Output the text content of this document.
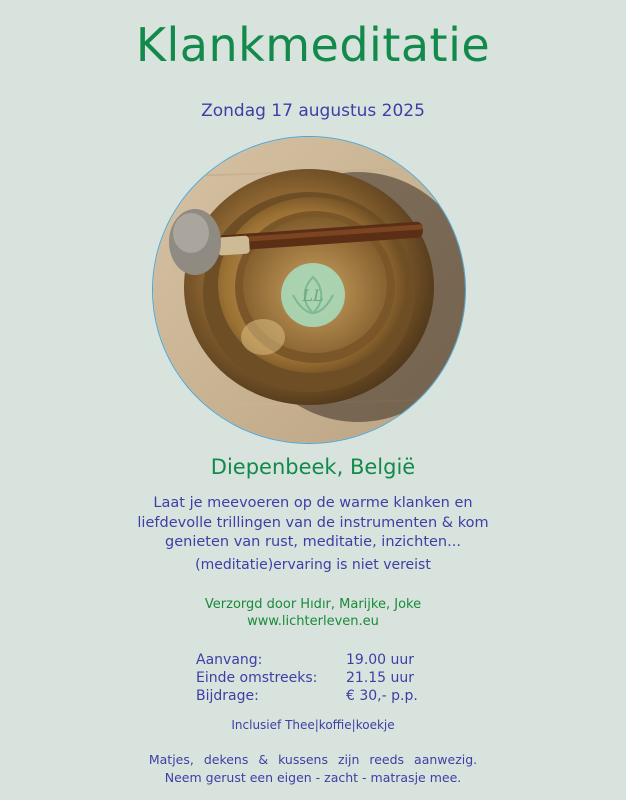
Klankmeditatie
Zondag 17 augustus 2025
LL
Diepenbeek, België
Laat je meevoeren op de warme klanken en
liefdevolle trillingen van de instrumenten & kom
genieten van rust, meditatie, inzichten...
(meditatie)ervaring is niet vereist
Verzorgd door Hıdır, Marijke, Joke
www.lichterleven.eu
Aanvang:	19.00 uur
Einde omstreeks: 21.15 uur
Bijdrage:	€ 30,- p.p.
Inclusief Thee|koffie|koekje
Matjes, dekens & kussens zijn reeds aanwezig.
Neem gerust een eigen - zacht - matrasje mee.
